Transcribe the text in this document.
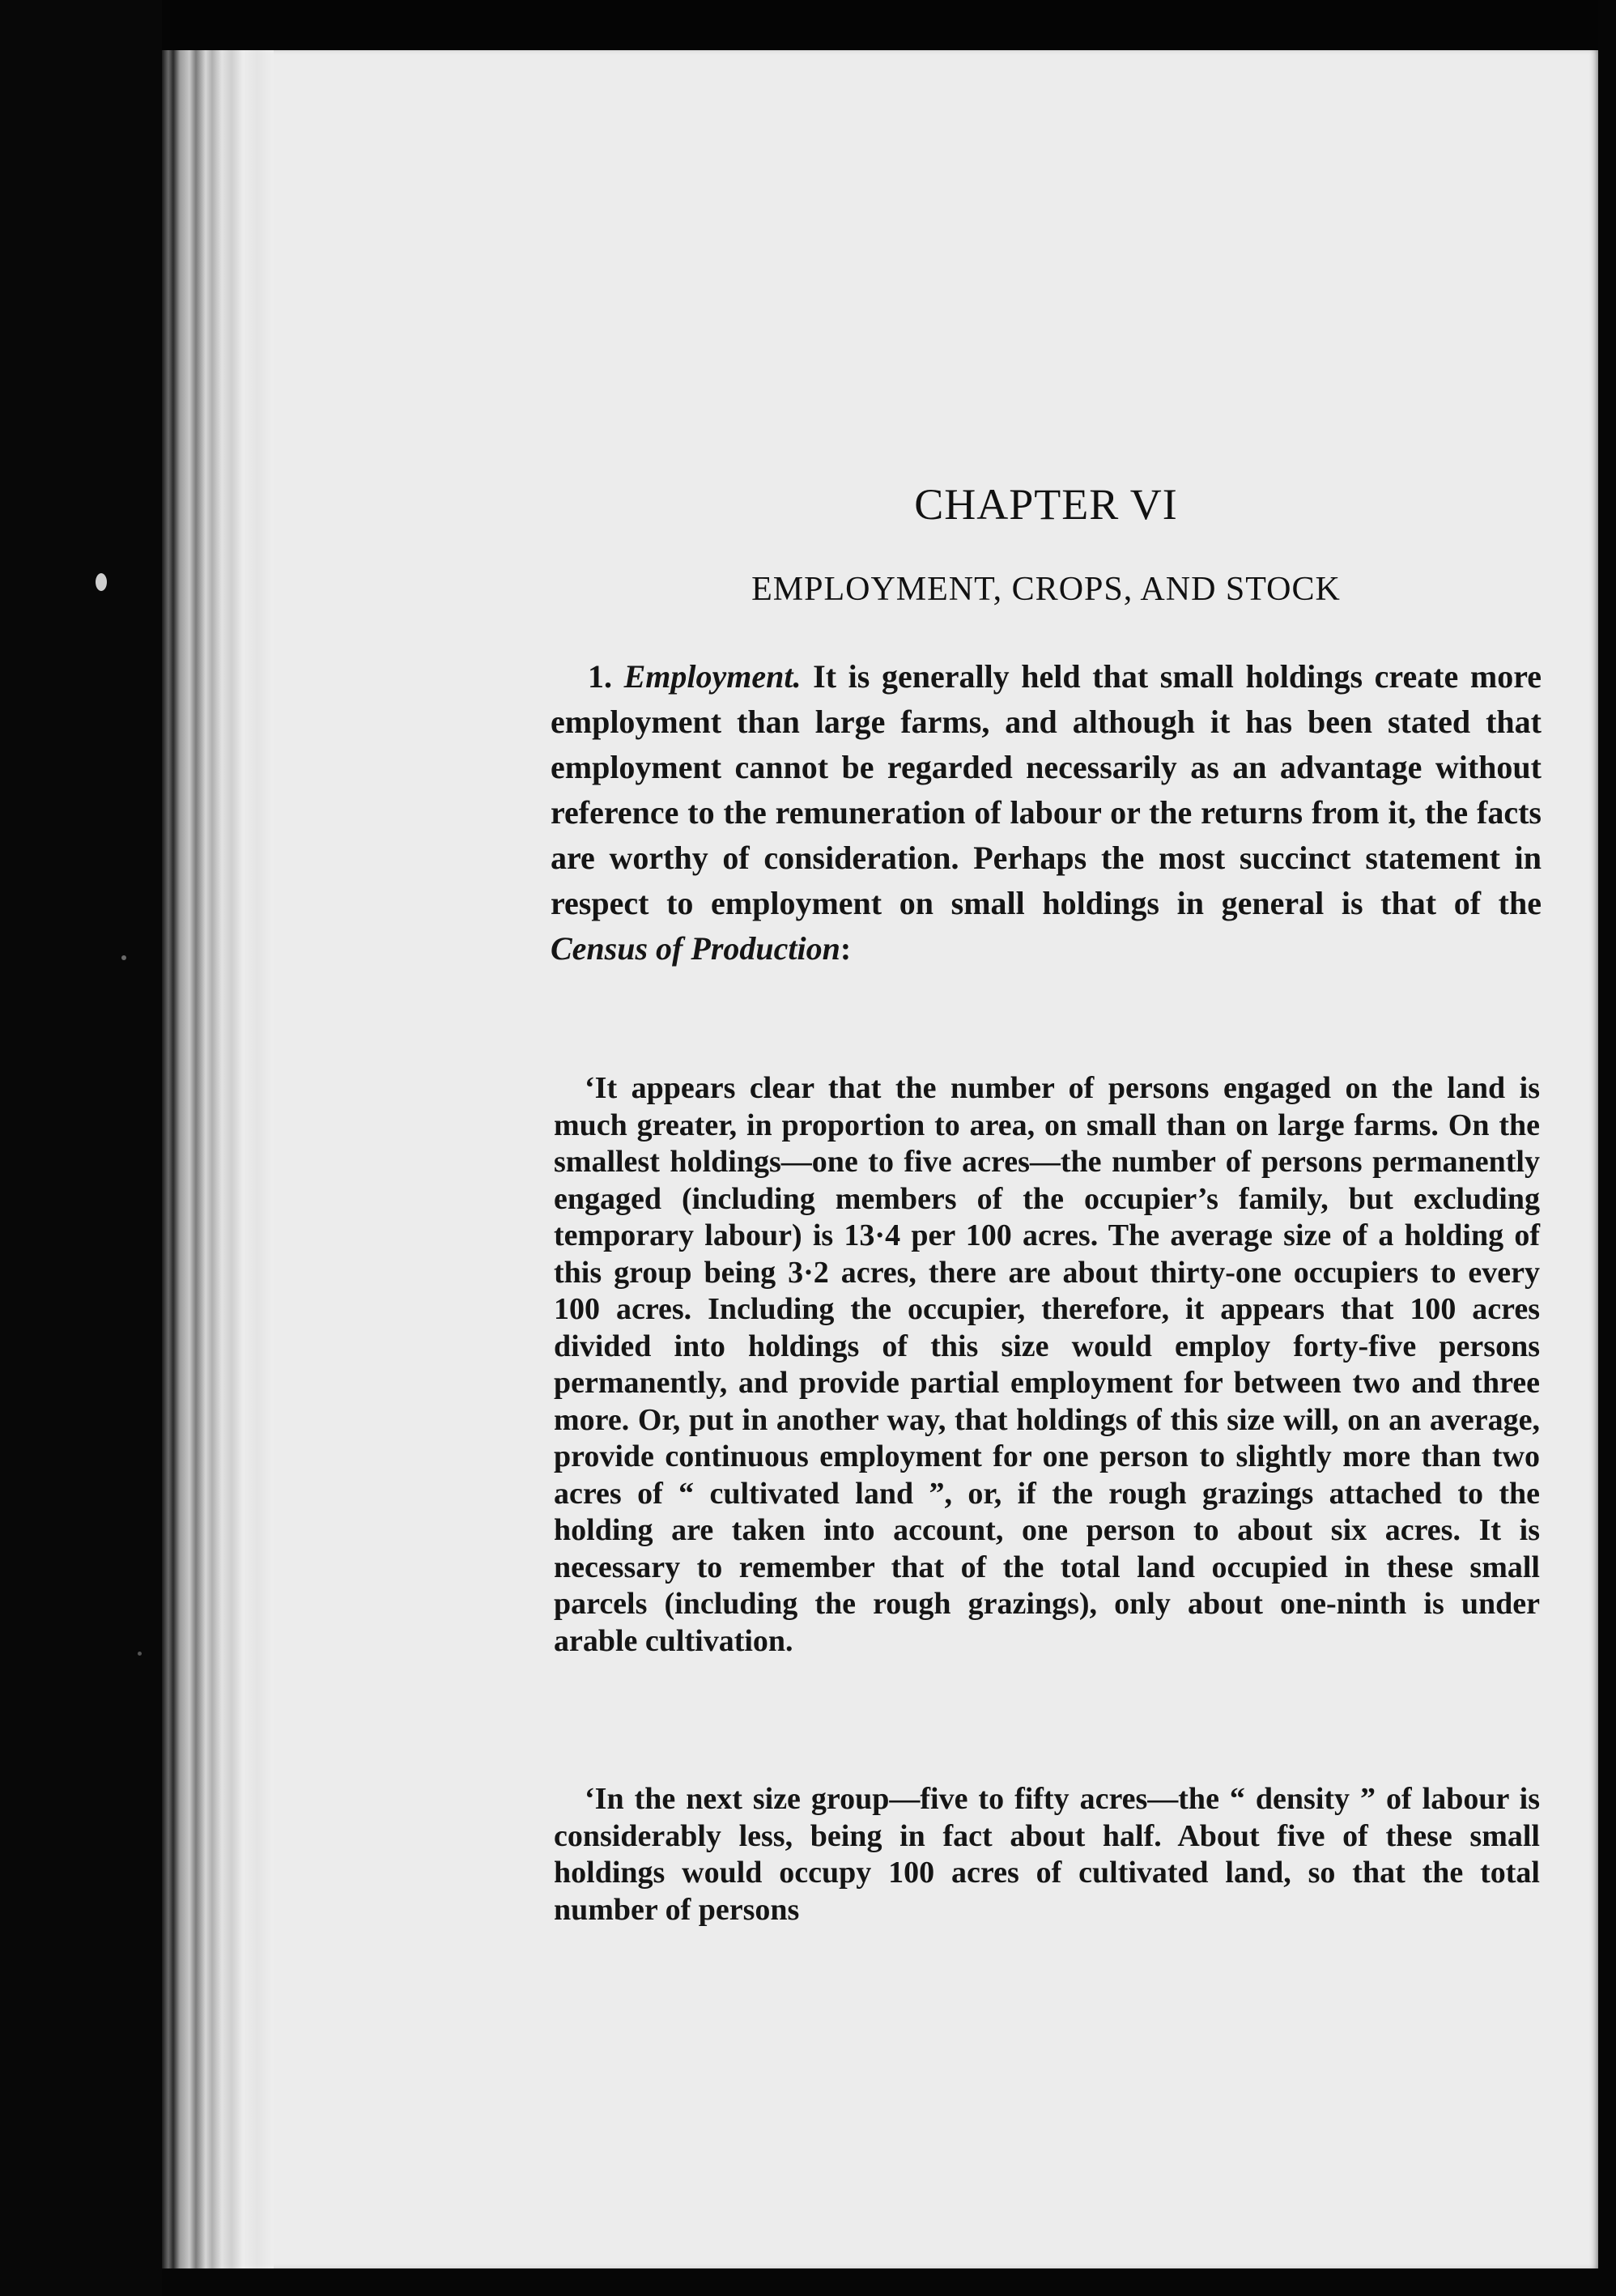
CHAPTER VI
EMPLOYMENT, CROPS, AND STOCK

1. Employment. It is generally held that small holdings create more employment than large farms, and although it has been stated that employment cannot be regarded necessarily as an advantage without reference to the remuneration of labour or the returns from it, the facts are worthy of consideration. Perhaps the most succinct statement in respect to employment on small holdings in general is that of the Census of Production:

‘It appears clear that the number of persons engaged on the land is much greater, in proportion to area, on small than on large farms. On the smallest holdings—one to five acres—the number of persons permanently engaged (including members of the occupier’s family, but excluding temporary labour) is 13·4 per 100 acres. The average size of a holding of this group being 3·2 acres, there are about thirty-one occupiers to every 100 acres. Including the occupier, therefore, it appears that 100 acres divided into holdings of this size would employ forty-five persons permanently, and provide partial employment for between two and three more. Or, put in another way, that holdings of this size will, on an average, provide continuous employment for one person to slightly more than two acres of “ cultivated land ”, or, if the rough grazings attached to the holding are taken into account, one person to about six acres. It is necessary to remember that of the total land occupied in these small parcels (including the rough grazings), only about one-ninth is under arable cultivation.

‘In the next size group—five to fifty acres—the “ density ” of labour is considerably less, being in fact about half. About five of these small holdings would occupy 100 acres of cultivated land, so that the total number of persons
